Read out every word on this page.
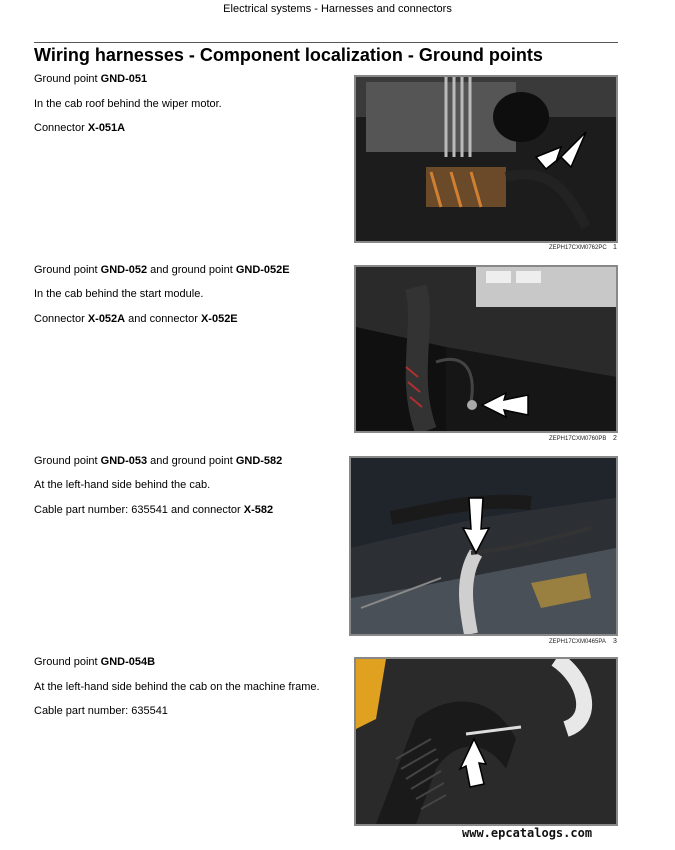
Electrical systems - Harnesses and connectors
Wiring harnesses - Component localization - Ground points
Ground point GND-051
In the cab roof behind the wiper motor.
Connector X-051A
ZEPH17CXM0762PC 1
Ground point GND-052 and ground point GND-052E
In the cab behind the start module.
Connector X-052A and connector X-052E
ZEPH17CXM0760PB 2
Ground point GND-053 and ground point GND-582
At the left-hand side behind the cab.
Cable part number: 635541 and connector X-582
ZEPH17CXM0465PA 3
Ground point GND-054B
At the left-hand side behind the cab on the machine frame.
Cable part number: 635541
www.epcatalogs.com
